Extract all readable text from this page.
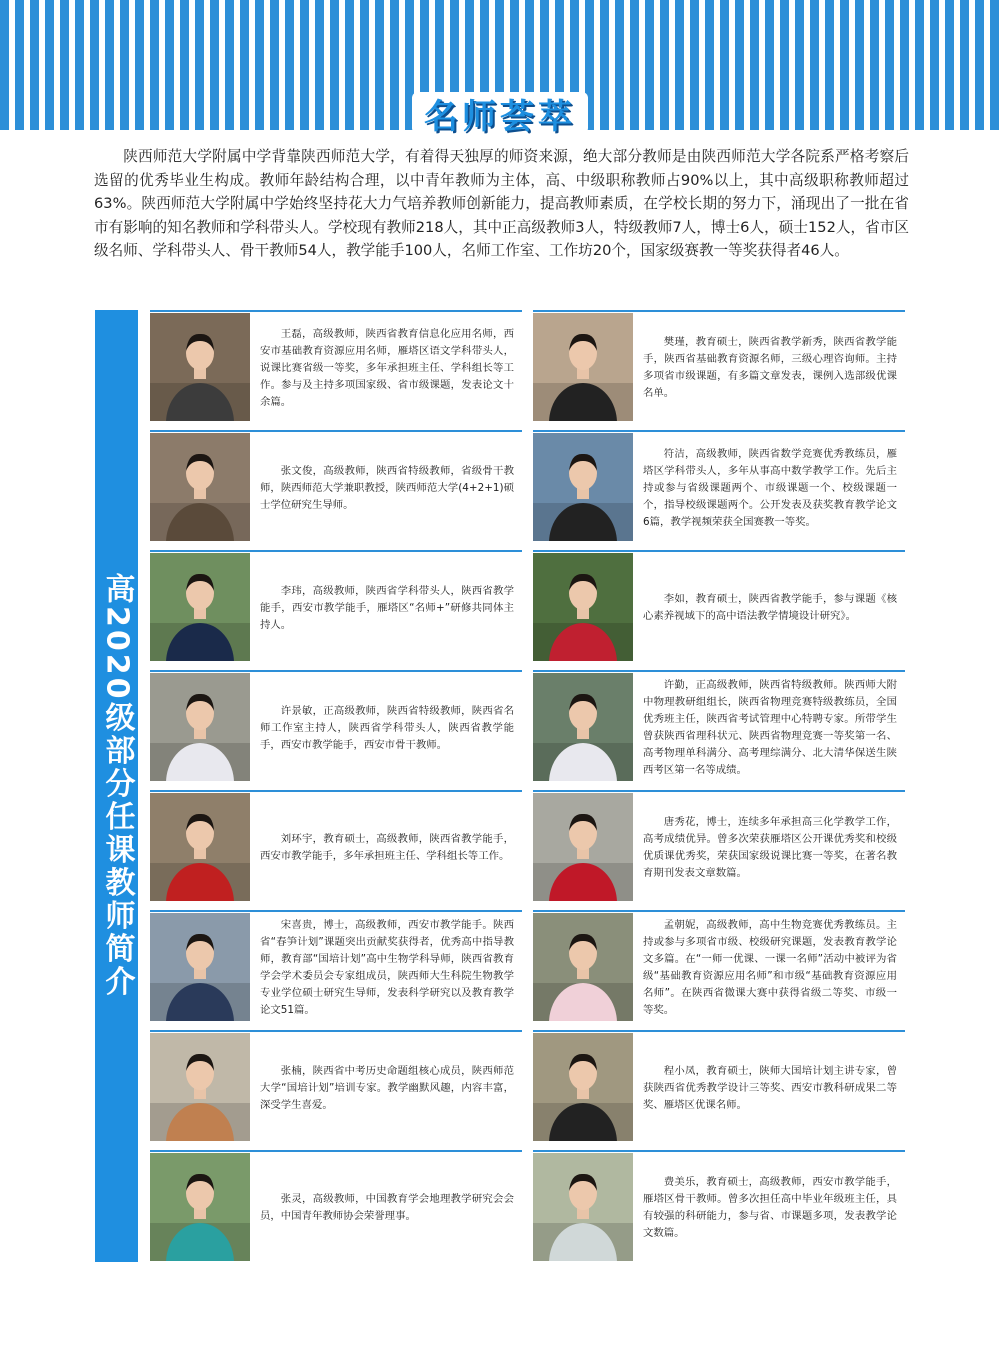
名师荟萃

陕西师范大学附属中学背靠陕西师范大学，有着得天独厚的师资来源，绝大部分教师是由陕西师范大学各院系严格考察后选留的优秀毕业生构成。教师年龄结构合理，以中青年教师为主体，高、中级职称教师占90%以上，其中高级职称教师超过63%。陕西师范大学附属中学始终坚持花大力气培养教师创新能力，提高教师素质，在学校长期的努力下，涌现出了一批在省市有影响的知名教师和学科带头人。学校现有教师218人，其中正高级教师3人，特级教师7人，博士6人，硕士152人，省市区级名师、学科带头人、骨干教师54人，教学能手100人，名师工作室、工作坊20个，国家级赛教一等奖获得者46人。

高2020级部分任课教师简介
王磊，高级教师，陕西省教育信息化应用名师，西安市基础教育资源应用名师，雁塔区语文学科带头人，说课比赛省级一等奖，多年承担班主任、学科组长等工作。参与及主持多项国家级、省市级课题，发表论文十余篇。
樊瑾，教育硕士，陕西省教学新秀，陕西省教学能手，陕西省基础教育资源名师，三级心理咨询师。主持多项省市级课题，有多篇文章发表，课例入选部级优课名单。
张文俊，高级教师，陕西省特级教师，省级骨干教师，陕西师范大学兼职教授，陕西师范大学(4+2+1)硕士学位研究生导师。
符洁，高级教师，陕西省数学竞赛优秀教练员，雁塔区学科带头人，多年从事高中数学教学工作。先后主持或参与省级课题两个、市级课题一个、校级课题一个，指导校级课题两个。公开发表及获奖教育教学论文6篇，教学视频荣获全国赛教一等奖。
李玮，高级教师，陕西省学科带头人，陕西省教学能手，西安市教学能手，雁塔区“名师+”研修共同体主持人。
李如，教育硕士，陕西省教学能手，参与课题《核心素养视域下的高中语法教学情境设计研究》。
许景敏，正高级教师，陕西省特级教师，陕西省名师工作室主持人，陕西省学科带头人，陕西省教学能手，西安市教学能手，西安市骨干教师。
许勤，正高级教师，陕西省特级教师。陕西师大附中物理教研组组长，陕西省物理竞赛特级教练员，全国优秀班主任，陕西省考试管理中心特聘专家。所带学生曾获陕西省理科状元、陕西省物理竞赛一等奖第一名、高考物理单科满分、高考理综满分、北大清华保送生陕西考区第一名等成绩。
刘环宇，教育硕士，高级教师，陕西省教学能手，西安市教学能手，多年承担班主任、学科组长等工作。
唐秀花，博士，连续多年承担高三化学教学工作，高考成绩优异。曾多次荣获雁塔区公开课优秀奖和校级优质课优秀奖，荣获国家级说课比赛一等奖，在著名教育期刊发表文章数篇。
宋喜贵，博士，高级教师，西安市教学能手。陕西省“春笋计划”课题突出贡献奖获得者，优秀高中指导教师，教育部“国培计划”高中生物学科导师，陕西省教育学会学术委员会专家组成员，陕西师大生科院生物教学专业学位硕士研究生导师，发表科学研究以及教育教学论文51篇。
孟朝妮，高级教师，高中生物竞赛优秀教练员。主持或参与多项省市级、校级研究课题，发表教育教学论文多篇。在“一师一优课、一课一名师”活动中被评为省级“基础教育资源应用名师”和市级“基础教育资源应用名师”。在陕西省微课大赛中获得省级二等奖、市级一等奖。
张楠，陕西省中考历史命题组核心成员，陕西师范大学“国培计划”培训专家。教学幽默风趣，内容丰富，深受学生喜爱。
程小凤，教育硕士，陕师大国培计划主讲专家，曾获陕西省优秀教学设计三等奖、西安市教科研成果二等奖、雁塔区优课名师。
张灵，高级教师，中国教育学会地理教学研究会会员，中国青年教师协会荣誉理事。
费美乐，教育硕士，高级教师，西安市教学能手，雁塔区骨干教师。曾多次担任高中毕业年级班主任，具有较强的科研能力，参与省、市课题多项，发表教学论文数篇。
